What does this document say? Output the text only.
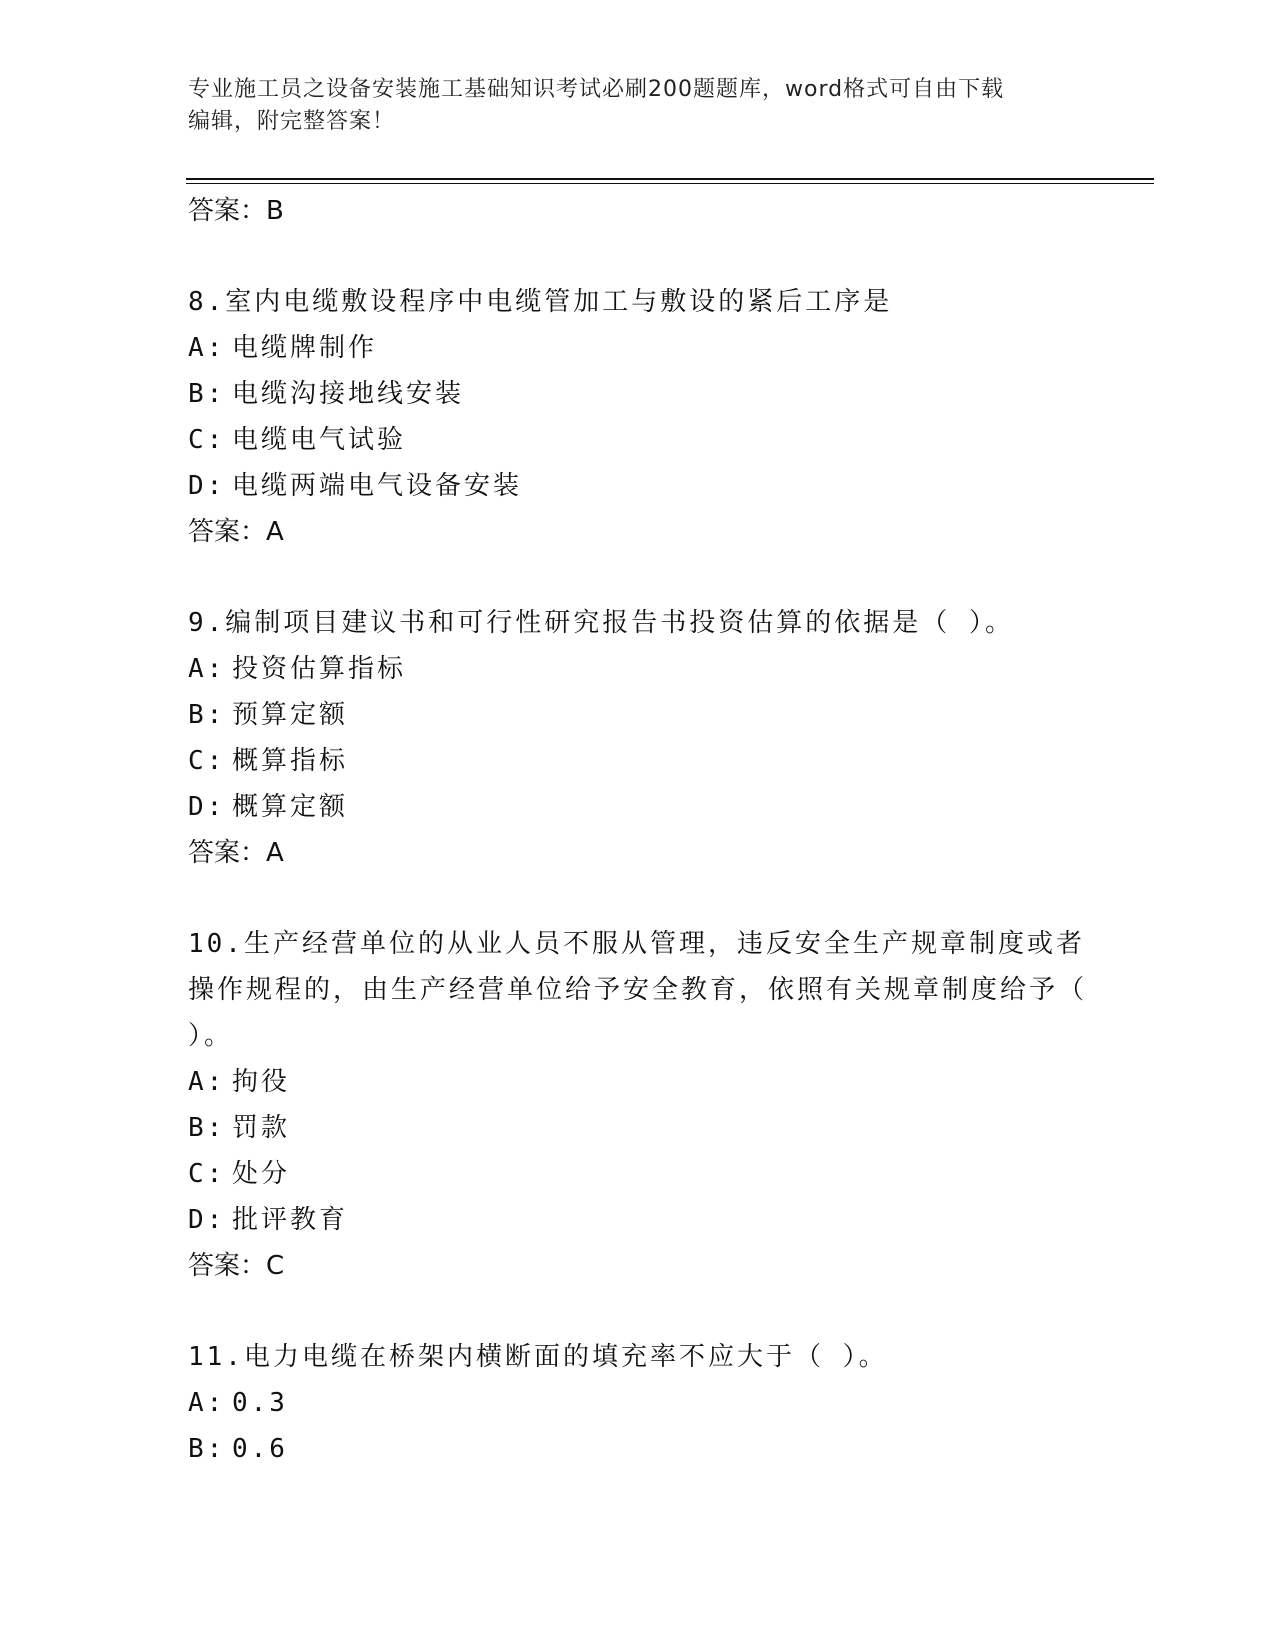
专业施工员之设备安装施工基础知识考试必刷200题题库，word格式可自由下载
编辑，附完整答案！
答案：B
8.室内电缆敷设程序中电缆管加工与敷设的紧后工序是
A: 电缆牌制作
B: 电缆沟接地线安装
C: 电缆电气试验
D: 电缆两端电气设备安装
答案：A
9.编制项目建议书和可行性研究报告书投资估算的依据是（ ）。
A: 投资估算指标
B: 预算定额
C: 概算指标
D: 概算定额
答案：A
10.生产经营单位的从业人员不服从管理，违反安全生产规章制度或者操作规程的，由生产经营单位给予安全教育，依照有关规章制度给予（ ）。
A: 拘役
B: 罚款
C: 处分
D: 批评教育
答案：C
11.电力电缆在桥架内横断面的填充率不应大于（ ）。
A: 0.3
B: 0.6
